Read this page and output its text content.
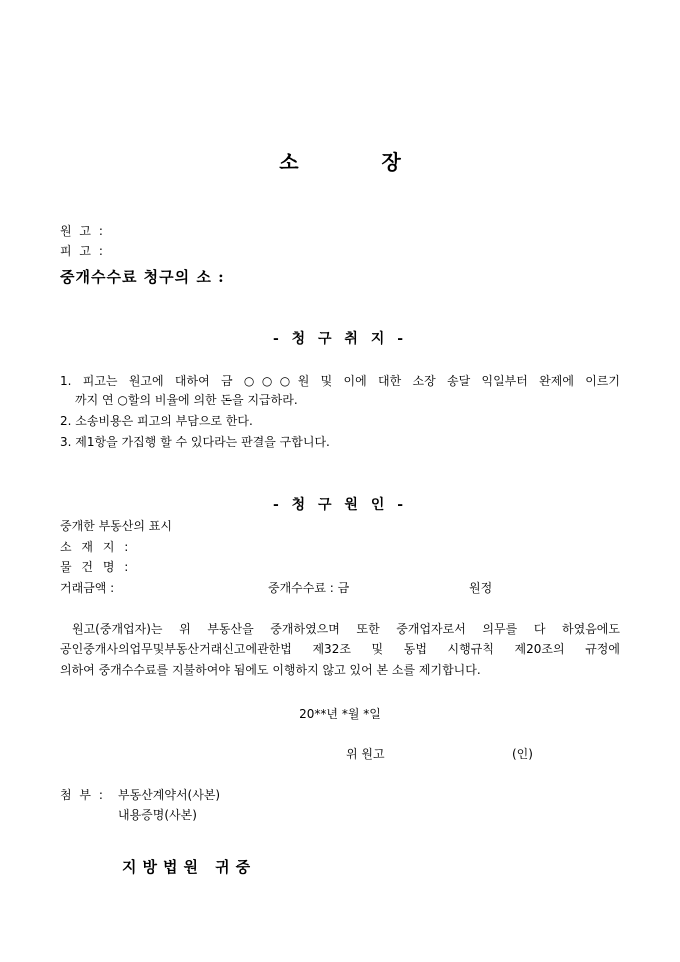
소 장
원 고 :
피 고 :
중개수수료 청구의 소 :
- 청 구 취 지 -
1. 피고는 원고에 대하여 금 ○○○원 및 이에 대한 소장 송달 익일부터 완제에 이르기
까지 연 ○할의 비율에 의한 돈을 지급하라.
2. 소송비용은 피고의 부담으로 한다.
3. 제1항을 가집행 할 수 있다라는 판결을 구합니다.
- 청 구 원 인 -
중개한 부동산의 표시
소 재 지 :
물 건 명 :
거래금액 :	중개수수료 : 금	원정
원고(중개업자)는 위 부동산을 중개하였으며 또한 중개업자로서 의무를 다 하였음에도
공인중개사의업무및부동산거래신고에관한법 제32조 및 동법 시행규칙 제20조의 규정에
의하여 중개수수료를 지불하여야 됨에도 이행하지 않고 있어 본 소를 제기합니다.
20**년 *월 *일
위 원고	(인)
첨 부 : 부동산계약서(사본)
내용증명(사본)
지방법원 귀중
